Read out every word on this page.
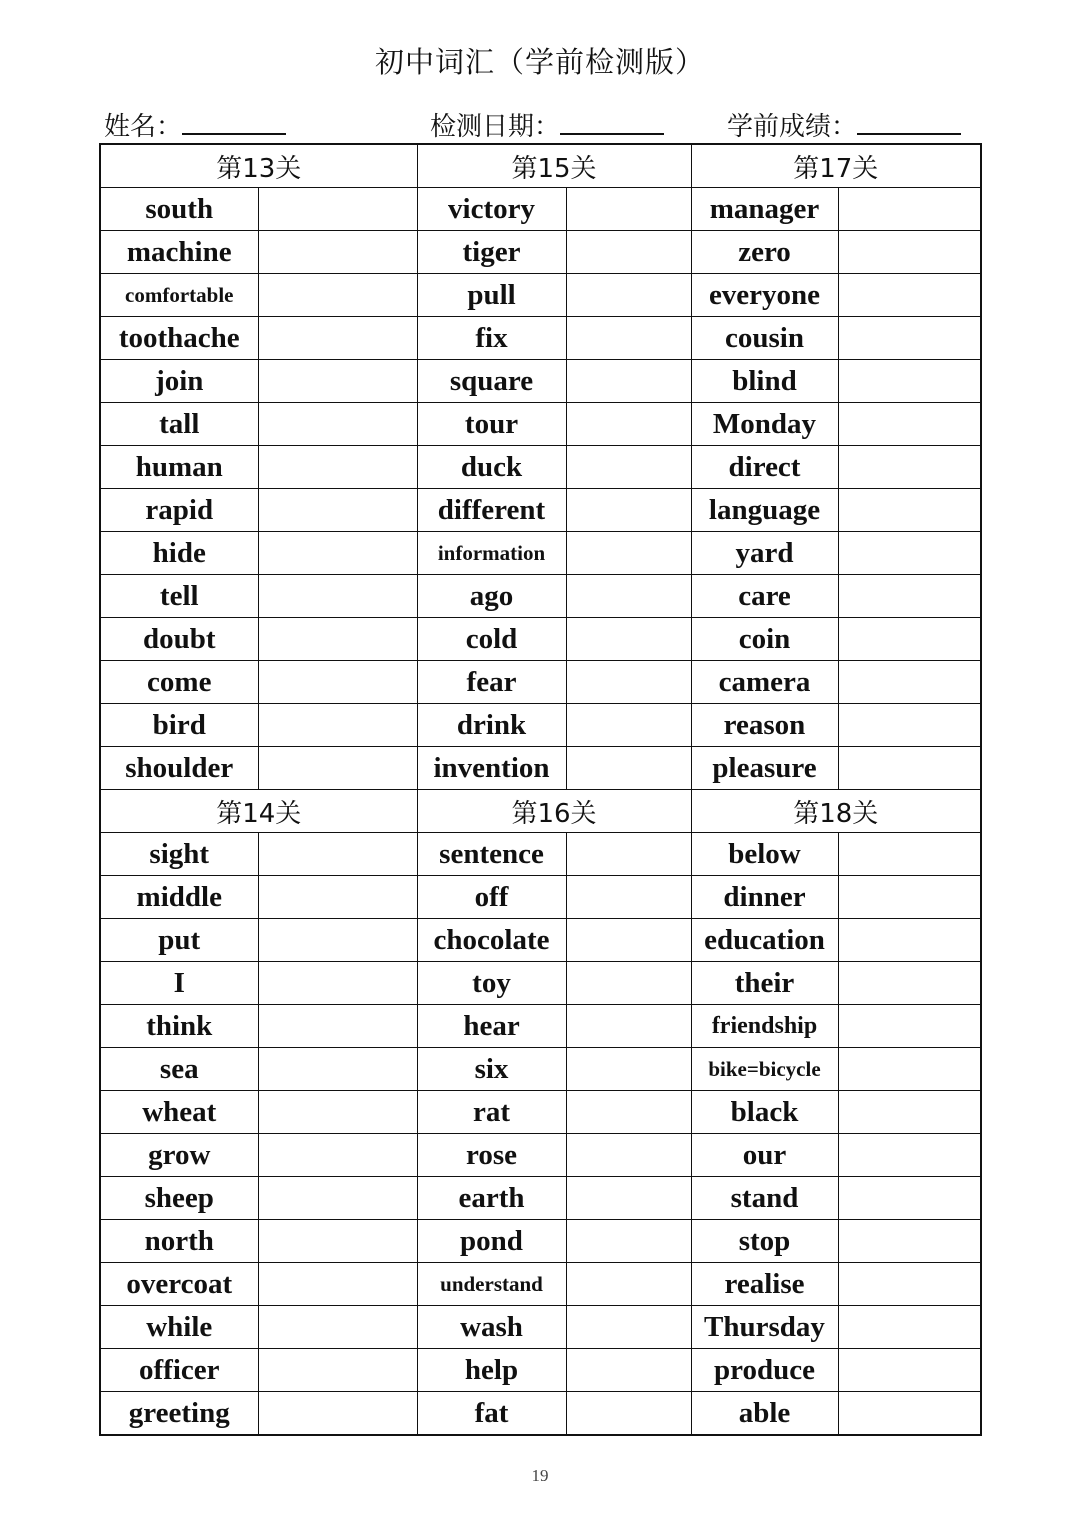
初中词汇（学前检测版）
姓名：	检测日期：	学前成绩：
第13关		第15关		第17关	
south		victory		manager	
machine		tiger		zero	
comfortable		pull		everyone	
toothache		fix		cousin	
join		square		blind	
tall		tour		Monday	
human		duck		direct	
rapid		different		language	
hide		information		yard	
tell		ago		care	
doubt		cold		coin	
come		fear		camera	
bird		drink		reason	
shoulder		invention		pleasure	
第14关		第16关		第18关	
sight		sentence		below	
middle		off		dinner	
put		chocolate		education	
I		toy		their	
think		hear		friendship	
sea		six		bike=bicycle	
wheat		rat		black	
grow		rose		our	
sheep		earth		stand	
north		pond		stop	
overcoat		understand		realise	
while		wash		Thursday	
officer		help		produce	
greeting		fat		able	
19
